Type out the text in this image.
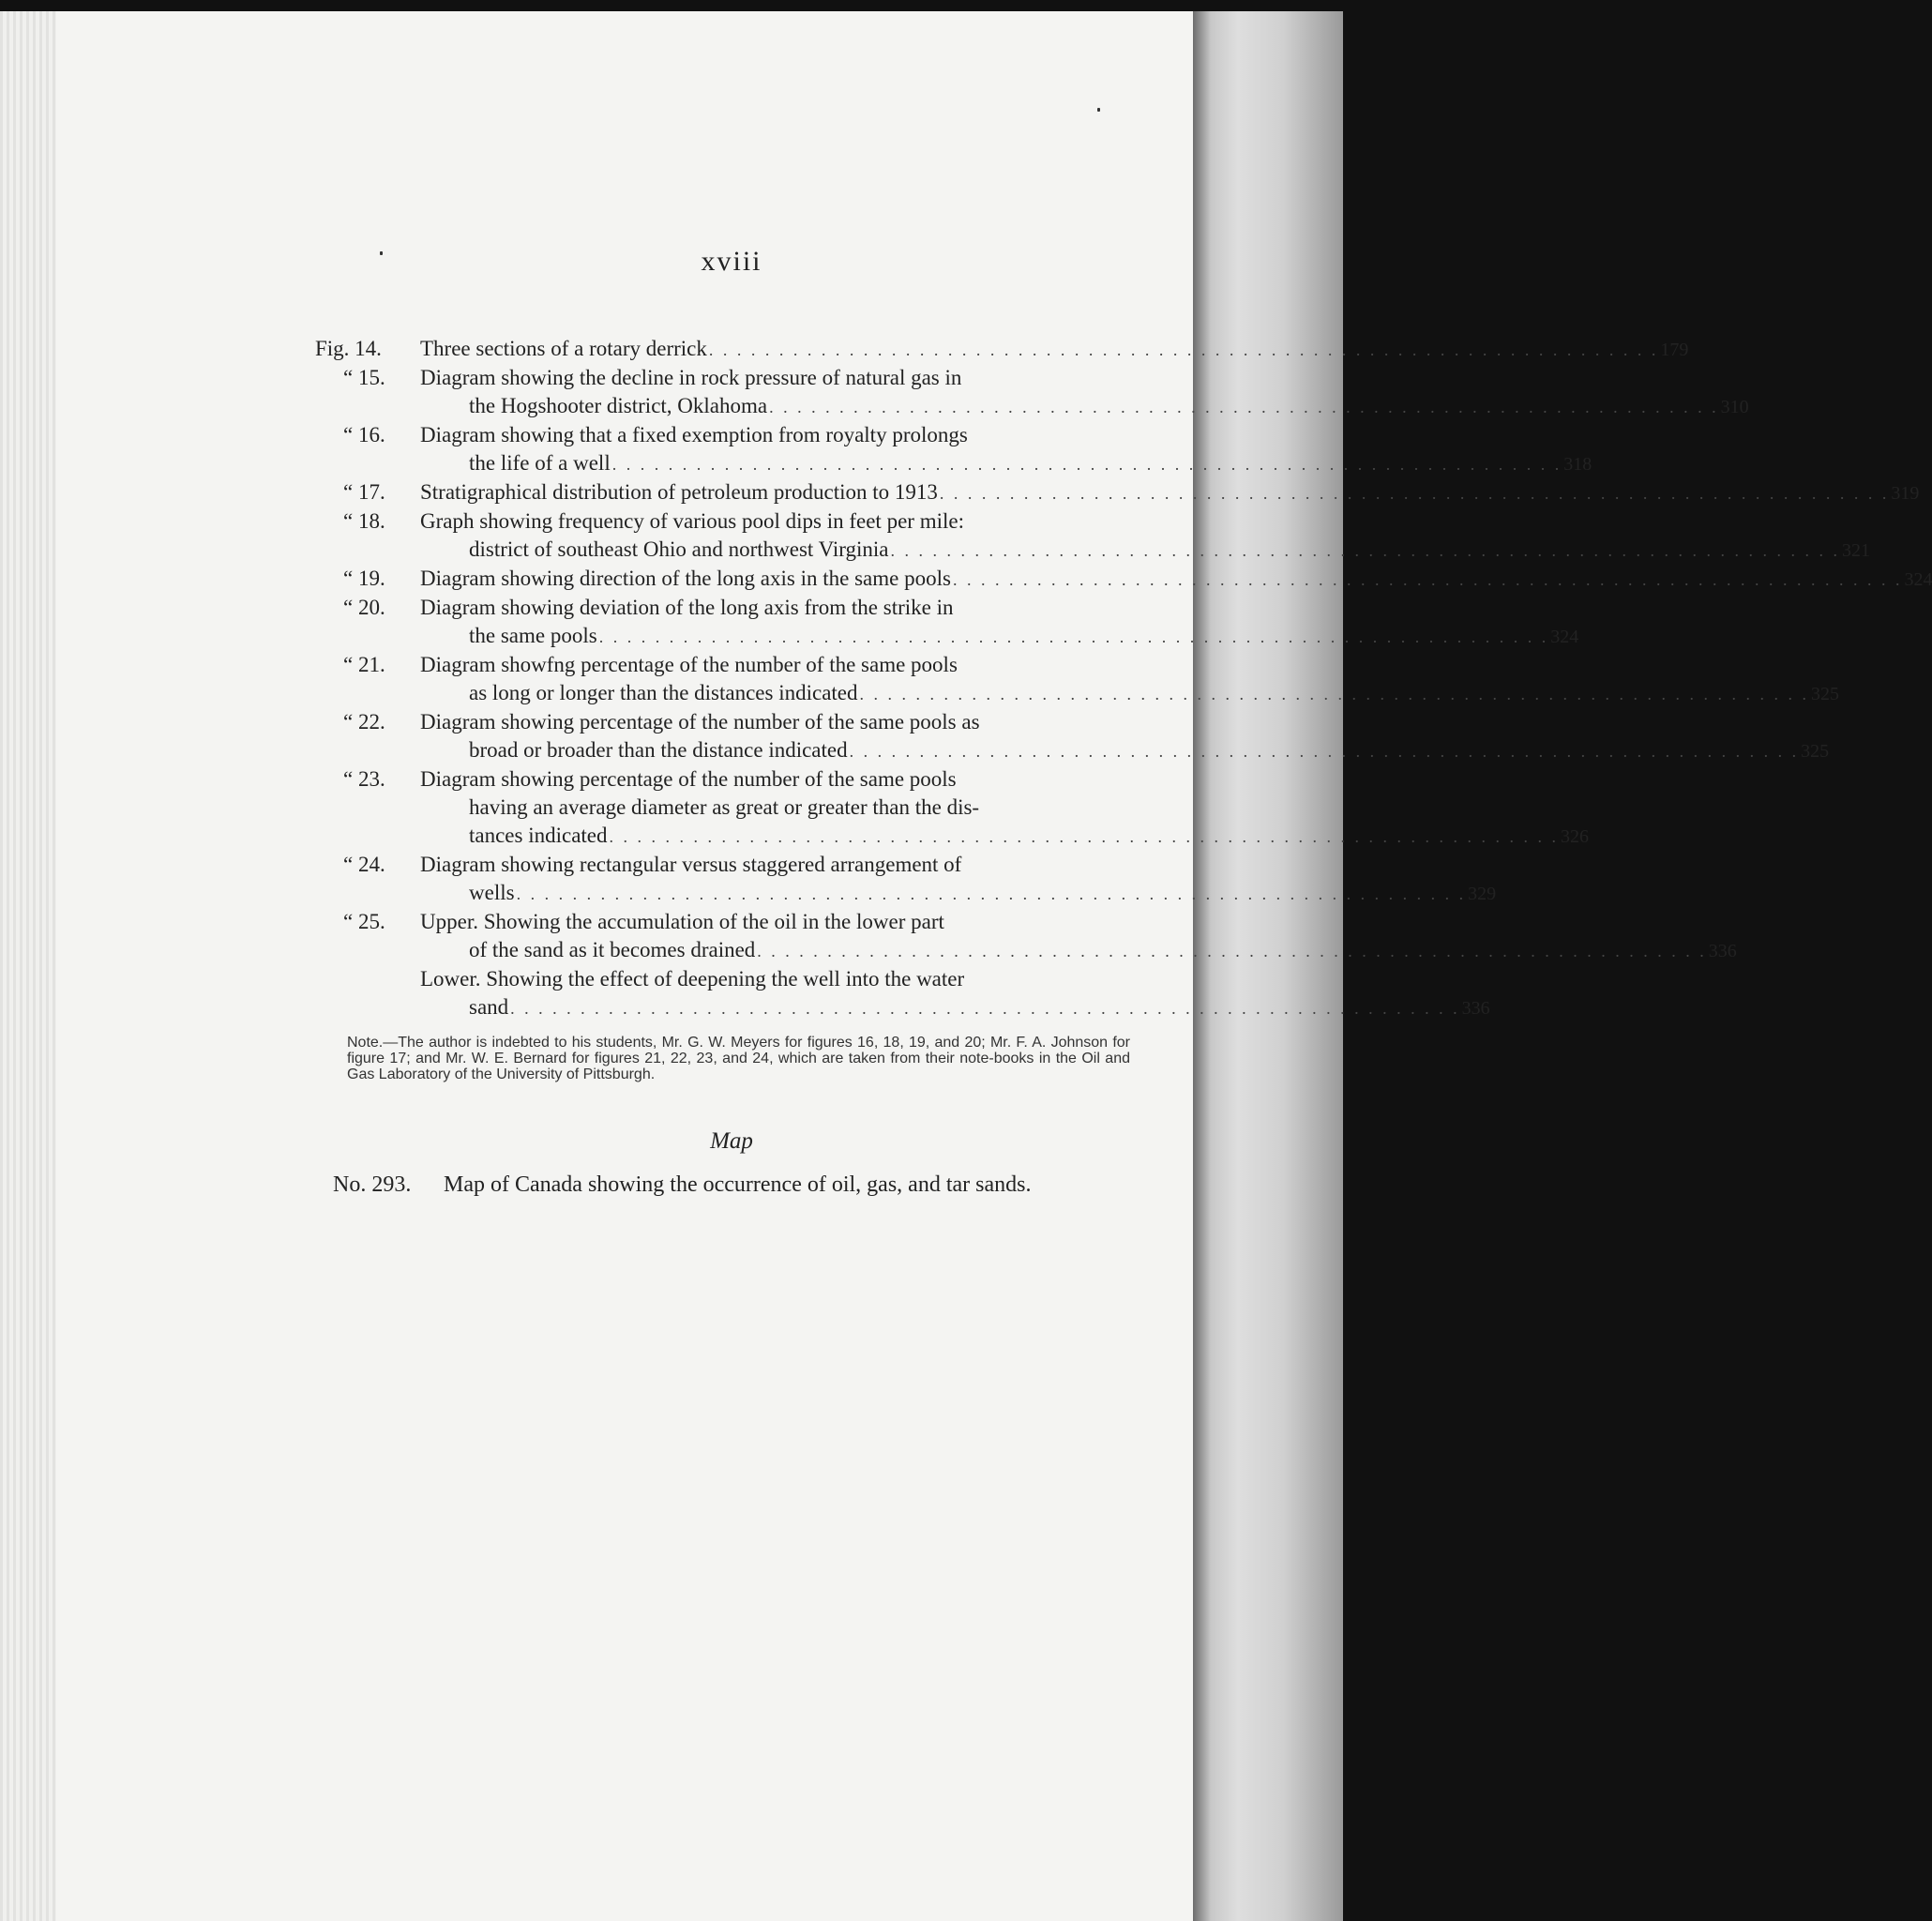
xviii
Fig. 14.	Three sections of a rotary derrick . . . . . . . . . . . . . . . . . . . . . . . . . . . . . . . . . . . . . . . . . . . . . . . . . . . . . . . . . . . . . . . . . . . . 179
“ 15.	Diagram showing the decline in rock pressure of natural gas in
the Hogshooter district, Oklahoma . . . . . . . . . . . . . . . . . . . . . . . . . . . . . . . . . . . . . . . . . . . . . . . . . . . . . . . . . . . . . . . . . . . . 310
“ 16.	Diagram showing that a fixed exemption from royalty prolongs
the life of a well . . . . . . . . . . . . . . . . . . . . . . . . . . . . . . . . . . . . . . . . . . . . . . . . . . . . . . . . . . . . . . . . . . . . 318
“ 17.	Stratigraphical distribution of petroleum production to 1913 . . . . . . . . . . . . . . . . . . . . . . . . . . . . . . . . . . . . . . . . . . . . . . . . . . . . . . . . . . . . . . . . . . . . 319
“ 18.	Graph showing frequency of various pool dips in feet per mile:
district of southeast Ohio and northwest Virginia . . . . . . . . . . . . . . . . . . . . . . . . . . . . . . . . . . . . . . . . . . . . . . . . . . . . . . . . . . . . . . . . . . . . 321
“ 19.	Diagram showing direction of the long axis in the same pools . . . . . . . . . . . . . . . . . . . . . . . . . . . . . . . . . . . . . . . . . . . . . . . . . . . . . . . . . . . . . . . . . . . . 324
“ 20.	Diagram showing deviation of the long axis from the strike in
the same pools . . . . . . . . . . . . . . . . . . . . . . . . . . . . . . . . . . . . . . . . . . . . . . . . . . . . . . . . . . . . . . . . . . . . 324
“ 21.	Diagram showfng percentage of the number of the same pools
as long or longer than the distances indicated . . . . . . . . . . . . . . . . . . . . . . . . . . . . . . . . . . . . . . . . . . . . . . . . . . . . . . . . . . . . . . . . . . . . 325
“ 22.	Diagram showing percentage of the number of the same pools as
broad or broader than the distance indicated . . . . . . . . . . . . . . . . . . . . . . . . . . . . . . . . . . . . . . . . . . . . . . . . . . . . . . . . . . . . . . . . . . . . 325
“ 23.	Diagram showing percentage of the number of the same pools
having an average diameter as great or greater than the dis-
tances indicated . . . . . . . . . . . . . . . . . . . . . . . . . . . . . . . . . . . . . . . . . . . . . . . . . . . . . . . . . . . . . . . . . . . . 326
“ 24.	Diagram showing rectangular versus staggered arrangement of
wells . . . . . . . . . . . . . . . . . . . . . . . . . . . . . . . . . . . . . . . . . . . . . . . . . . . . . . . . . . . . . . . . . . . . 329
“ 25.	Upper. Showing the accumulation of the oil in the lower part
of the sand as it becomes drained . . . . . . . . . . . . . . . . . . . . . . . . . . . . . . . . . . . . . . . . . . . . . . . . . . . . . . . . . . . . . . . . . . . . 336
Lower. Showing the effect of deepening the well into the water
sand . . . . . . . . . . . . . . . . . . . . . . . . . . . . . . . . . . . . . . . . . . . . . . . . . . . . . . . . . . . . . . . . . . . . 336
Note.—The author is indebted to his students, Mr. G. W. Meyers for figures 16, 18, 19, and 20; Mr. F. A. Johnson for figure 17; and Mr. W. E. Bernard for figures 21, 22, 23, and 24, which are taken from their note-books in the Oil and Gas Laboratory of the University of Pittsburgh.
Map
No. 293. Map of Canada showing the occurrence of oil, gas, and tar sands.
